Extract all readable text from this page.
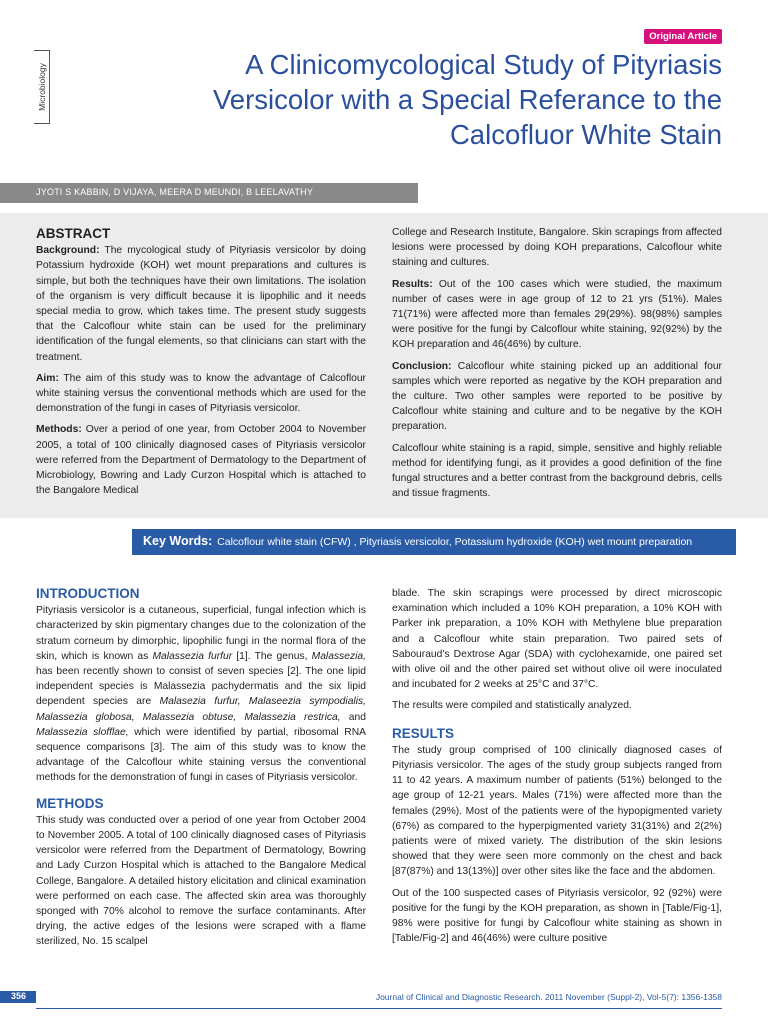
Original Article
Microbiology	A Clinicomycological Study of Pityriasis
Versicolor with a Special Referance to the
Calcofluor White Stain
JYOTI S KABBIN, D VIJAYA, MEERA D MEUNDI, B LEELAVATHY
ABSTRACT

Background: The mycological study of Pityriasis versicolor by doing Potassium hydroxide (KOH) wet mount preparations and cultures is simple, but both the techniques have their own limitations. The isolation of the organism is very difficult because it is lipophilic and it needs special media to grow, which takes time. The present study suggests that the Calcoflour white stain can be used for the preliminary identification of the fungal elements, so that clinicians can start with the treatment.

Aim: The aim of this study was to know the advantage of Calcoflour white staining versus the conventional methods which are used for the demonstration of the fungi in cases of Pityriasis versicolor.

Methods: Over a period of one year, from October 2004 to November 2005, a total of 100 clinically diagnosed cases of Pityriasis versicolor were referred from the Department of Dermatology to the Department of Microbiology, Bowring and Lady Curzon Hospital which is attached to the Bangalore Medical

College and Research Institute, Bangalore. Skin scrapings from affected lesions were processed by doing KOH preparations, Calcoflour white staining and cultures.

Results: Out of the 100 cases which were studied, the maximum number of cases were in age group of 12 to 21 yrs (51%). Males 71(71%) were affected more than females 29(29%). 98(98%) samples were positive for the fungi by Calcoflour white staining, 92(92%) by the KOH preparation and 46(46%) by culture.

Conclusion: Calcoflour white staining picked up an additional four samples which were reported as negative by the KOH preparation and the culture. Two other samples were reported to be positive by Calcoflour white staining and culture and to be negative by the KOH preparation.

Calcoflour white staining is a rapid, simple, sensitive and highly reliable method for identifying fungi, as it provides a good definition of the fine fungal structures and a better contrast from the background debris, cells and tissue fragments.

Key Words: Calcoflour white stain (CFW) , Pityriasis versicolor, Potassium hydroxide (KOH) wet mount preparation
INTRODUCTION

Pityriasis versicolor is a cutaneous, superficial, fungal infection which is characterized by skin pigmentary changes due to the colonization of the stratum corneum by dimorphic, lipophilic fungi in the normal flora of the skin, which is known as Malassezia furfur [1]. The genus, Malassezia, has been recently shown to consist of seven species [2]. The one lipid independent species is Malassezia pachydermatis and the six lipid dependent species are Malasezia furfur, Malaseezia sympodialis, Malassezia globosa, Malassezia obtuse, Malassezia restrica, and Malassezia slofflae, which were identified by partial, ribosomal RNA sequence comparisons [3]. The aim of this study was to know the advantage of the Calcoflour white staining versus the conventional methods for the demonstration of fungi in cases of Pityriasis versicolor.

METHODS

This study was conducted over a period of one year from October 2004 to November 2005. A total of 100 clinically diagnosed cases of Pityriasis versicolor were referred from the Department of Dermatology, Bowring and Lady Curzon Hospital which is attached to the Bangalore Medical College, Bangalore. A detailed history elicitation and clinical examination were performed on each case. The affected skin area was thoroughly sponged with 70% alcohol to remove the surface contaminants. After drying, the active edges of the lesions were scraped with a flame sterilized, No. 15 scalpel

blade. The skin scrapings were processed by direct microscopic examination which included a 10% KOH preparation, a 10% KOH with Parker ink preparation, a 10% KOH with Methylene blue preparation and a Calcoflour white stain preparation. Two paired sets of Sabouraud's Dextrose Agar (SDA) with cyclohexamide, one paired set with olive oil and the other paired set without olive oil were inoculated and incubated for 2 weeks at 25°C and 37°C.

The results were compiled and statistically analyzed.

RESULTS

The study group comprised of 100 clinically diagnosed cases of Pityriasis versicolor. The ages of the study group subjects ranged from 11 to 42 years. A maximum number of patients (51%) belonged to the age group of 12-21 years. Males (71%) were affected more than the females (29%). Most of the patients were of the hypopigmented variety (67%) as compared to the hyperpigmented variety 31(31%) and 2(2%) patients were of mixed variety. The distribution of the skin lesions showed that they were seen more commonly on the chest and back [87(87%) and 13(13%)] over other sites like the face and the abdomen.

Out of the 100 suspected cases of Pityriasis versicolor, 92 (92%) were positive for the fungi by the KOH preparation, as shown in [Table/Fig-1], 98% were positive for fungi by Calcoflour white staining as shown in [Table/Fig-2] and 46(46%) were culture positive

356	Journal of Clinical and Diagnostic Research. 2011 November (Suppl-2), Vol-5(7): 1356-1358
